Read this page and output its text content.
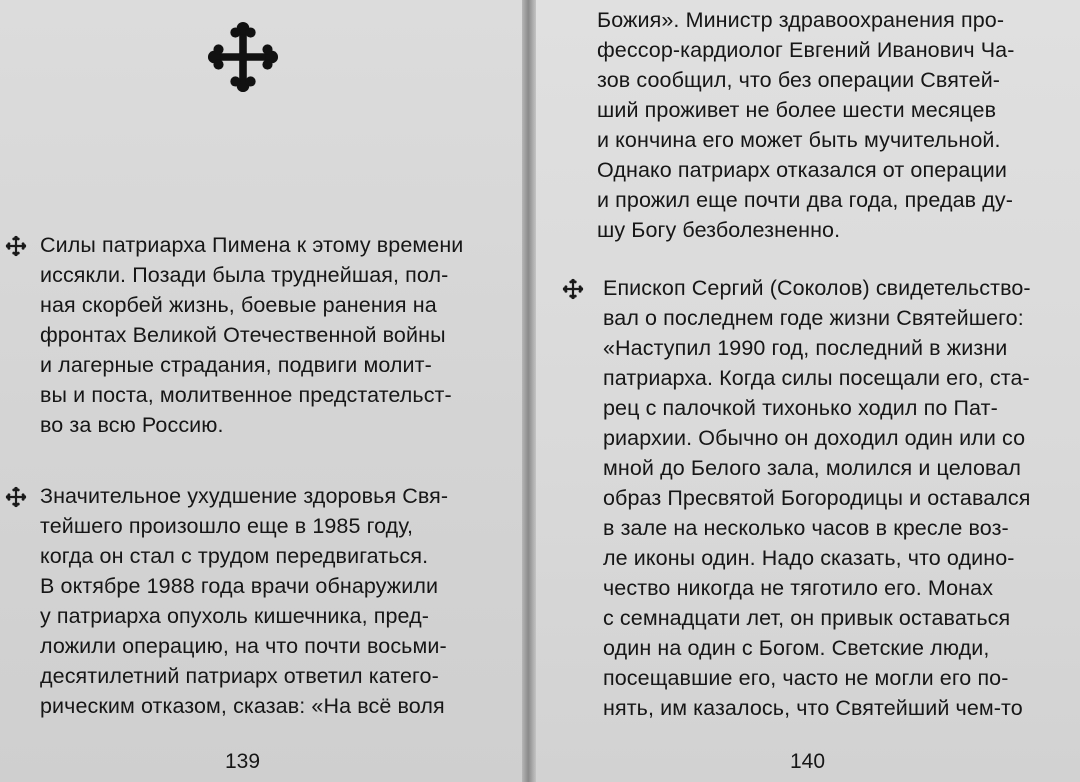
Силы патриарха Пимена к этому времени
иссякли. Позади была труднейшая, пол-
ная скорбей жизнь, боевые ранения на
фронтах Великой Отечественной войны
и лагерные страдания, подвиги молит-
вы и поста, молитвенное предстательст-
во за всю Россию.
Значительное ухудшение здоровья Свя-
тейшего произошло еще в 1985 году,
когда он стал с трудом передвигаться.
В октябре 1988 года врачи обнаружили
у патриарха опухоль кишечника, пред-
ложили операцию, на что почти восьми-
десятилетний патриарх ответил катего-
рическим отказом, сказав: «На всё воля
139
Божия». Министр здравоохранения про-
фессор-кардиолог Евгений Иванович Ча-
зов сообщил, что без операции Святей-
ший проживет не более шести месяцев
и кончина его может быть мучительной.
Однако патриарх отказался от операции
и прожил еще почти два года, предав ду-
шу Богу безболезненно.
Епископ Сергий (Соколов) свидетельство-
вал о последнем годе жизни Святейшего:
«Наступил 1990 год, последний в жизни
патриарха. Когда силы посещали его, ста-
рец с палочкой тихонько ходил по Пат-
риархии. Обычно он доходил один или со
мной до Белого зала, молился и целовал
образ Пресвятой Богородицы и оставался
в зале на несколько часов в кресле воз-
ле иконы один. Надо сказать, что одино-
чество никогда не тяготило его. Монах
с семнадцати лет, он привык оставаться
один на один с Богом. Светские люди,
посещавшие его, часто не могли его по-
нять, им казалось, что Святейший чем-то
140
